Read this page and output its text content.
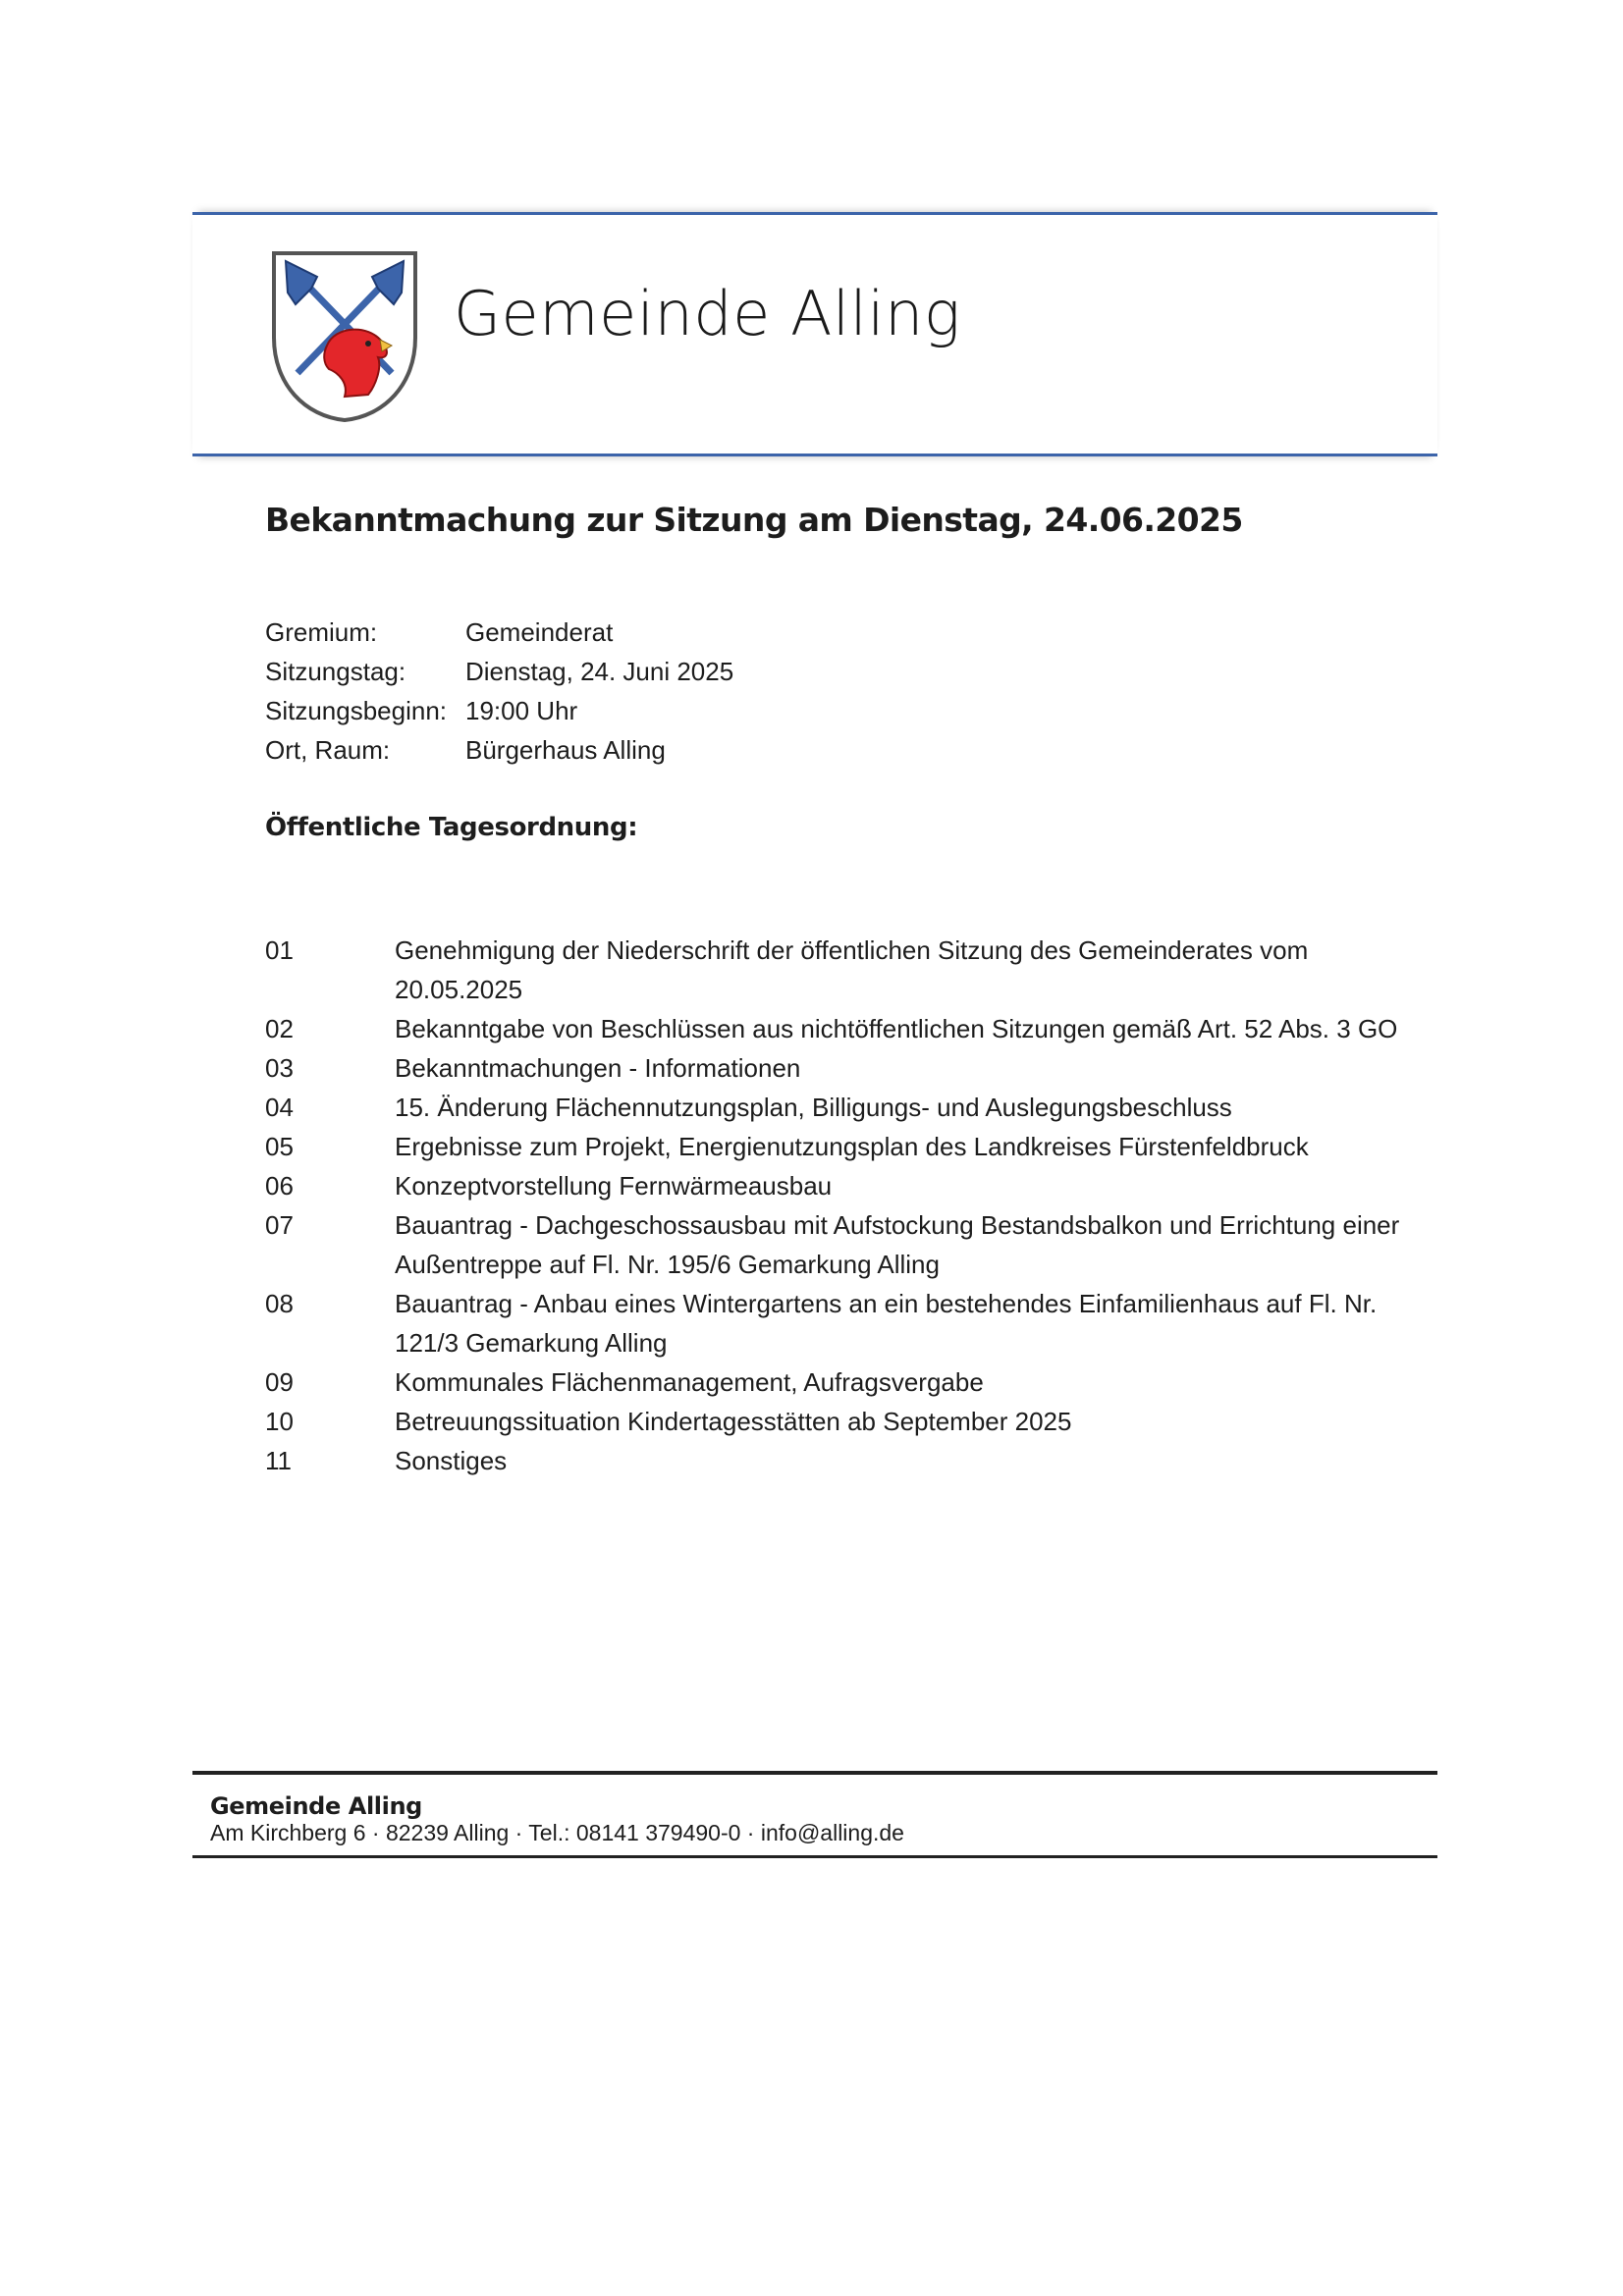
Gemeinde Alling
Bekanntmachung zur Sitzung am Dienstag, 24.06.2025
Gremium:	Gemeinderat
Sitzungstag:	Dienstag, 24. Juni 2025
Sitzungsbeginn: 19:00 Uhr
Ort, Raum:	Bürgerhaus Alling
Öffentliche Tagesordnung:
01	Genehmigung der Niederschrift der öffentlichen Sitzung des Gemeinderates vom 20.05.2025
02	Bekanntgabe von Beschlüssen aus nichtöffentlichen Sitzungen gemäß Art. 52 Abs. 3 GO
03	Bekanntmachungen - Informationen
04	15. Änderung Flächennutzungsplan, Billigungs- und Auslegungsbeschluss
05	Ergebnisse zum Projekt, Energienutzungsplan des Landkreises Fürstenfeldbruck
06	Konzeptvorstellung Fernwärmeausbau
07	Bauantrag - Dachgeschossausbau mit Aufstockung Bestandsbalkon und Errichtung einer Außentreppe auf Fl. Nr. 195/6 Gemarkung Alling
08	Bauantrag - Anbau eines Wintergartens an ein bestehendes Einfamilienhaus auf Fl. Nr. 121/3 Gemarkung Alling
09	Kommunales Flächenmanagement, Aufragsvergabe
10	Betreuungssituation Kindertagesstätten ab September 2025
11	Sonstiges
Gemeinde Alling
Am Kirchberg 6 · 82239 Alling · Tel.: 08141 379490-0 · info@alling.de
